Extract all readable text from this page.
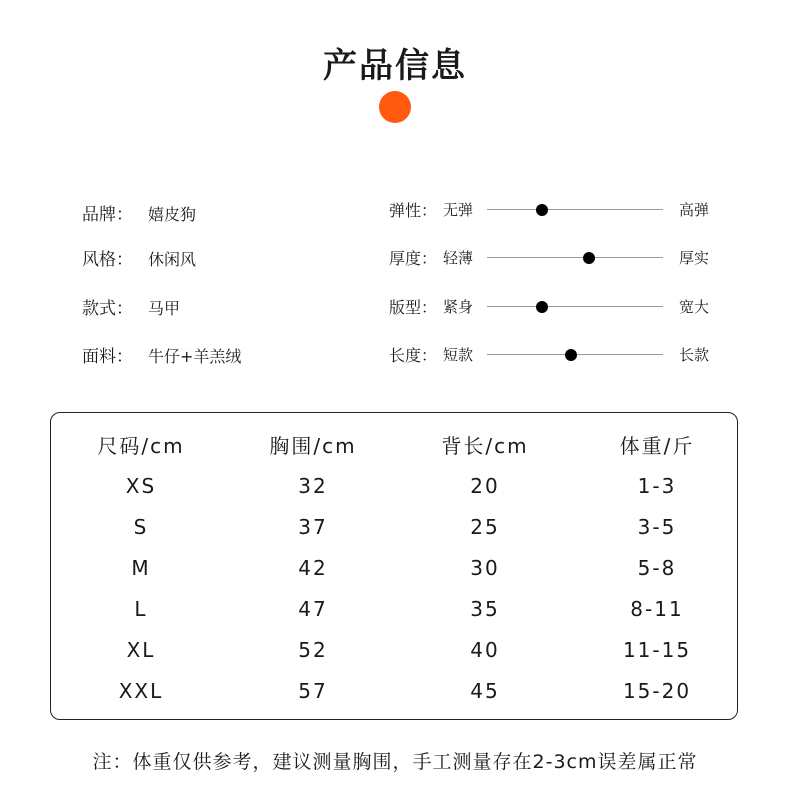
产品信息
品牌： 嬉皮狗
风格： 休闲风
款式： 马甲
面料： 牛仔+羊羔绒
弹性： 无弹	高弹
厚度： 轻薄	厚实
版型： 紧身	宽大
长度： 短款	长款
尺码/cm	胸围/cm	背长/cm	体重/斤
XS	32	20	1-3
S	37	25	3-5
M	42	30	5-8
L	47	35	8-11
XL	52	40	11-15
XXL	57	45	15-20
注：体重仅供参考，建议测量胸围，手工测量存在2-3cm误差属正常
